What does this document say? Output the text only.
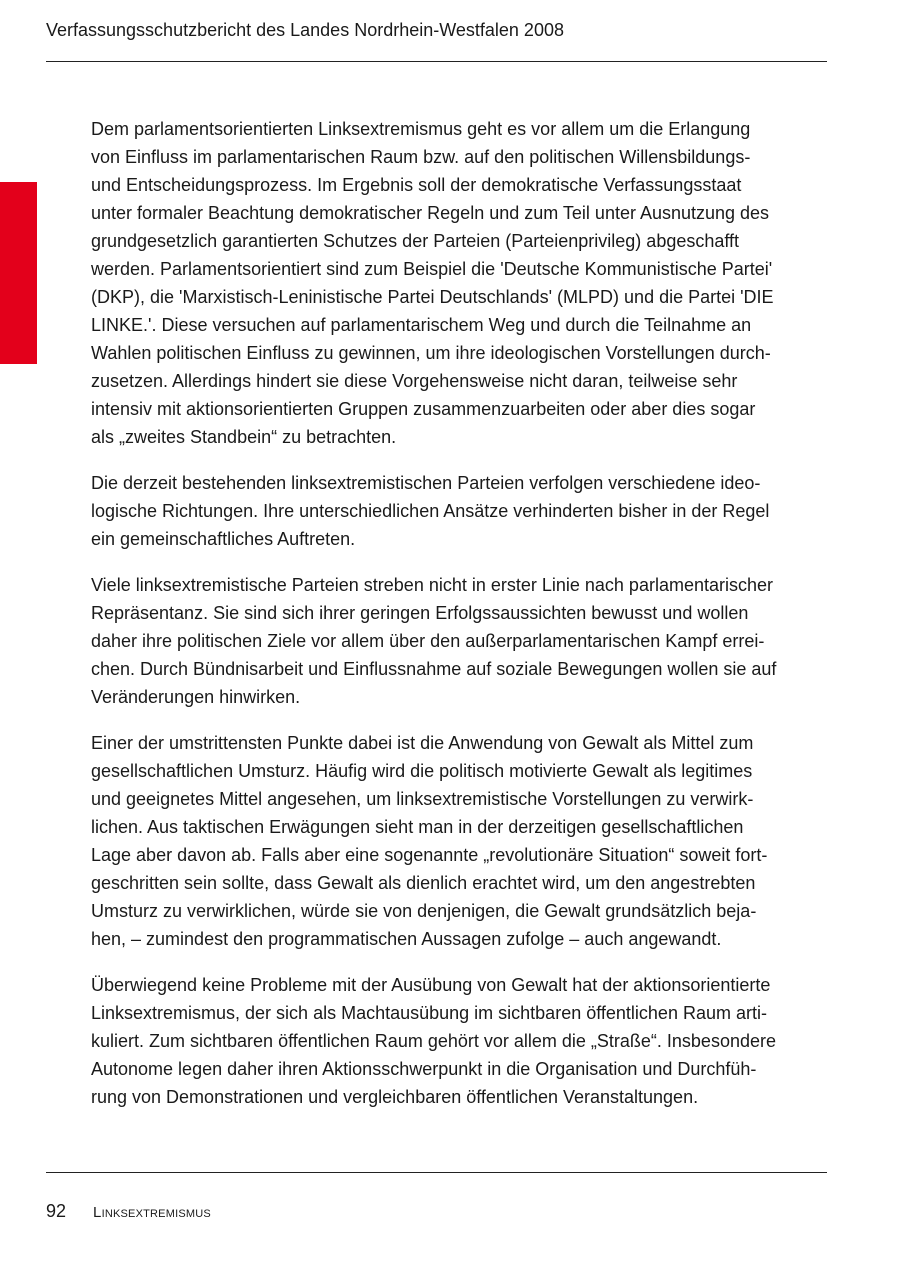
Verfassungsschutzbericht des Landes Nordrhein-Westfalen 2008

Dem parlamentsorientierten Linksextremismus geht es vor allem um die Erlangung
von Einfluss im parlamentarischen Raum bzw. auf den politischen Willensbildungs-
und Entscheidungsprozess. Im Ergebnis soll der demokratische Verfassungsstaat
unter formaler Beachtung demokratischer Regeln und zum Teil unter Ausnutzung des
grundgesetzlich garantierten Schutzes der Parteien (Parteienprivileg) abgeschafft
werden. Parlamentsorientiert sind zum Beispiel die 'Deutsche Kommunistische Partei'
(DKP), die 'Marxistisch-Leninistische Partei Deutschlands' (MLPD) und die Partei 'DIE
LINKE.'. Diese versuchen auf parlamentarischem Weg und durch die Teilnahme an
Wahlen politischen Einfluss zu gewinnen, um ihre ideologischen Vorstellungen durch-
zusetzen. Allerdings hindert sie diese Vorgehensweise nicht daran, teilweise sehr
intensiv mit aktionsorientierten Gruppen zusammenzuarbeiten oder aber dies sogar
als „zweites Standbein“ zu betrachten.

Die derzeit bestehenden linksextremistischen Parteien verfolgen verschiedene ideo-
logische Richtungen. Ihre unterschiedlichen Ansätze verhinderten bisher in der Regel
ein gemeinschaftliches Auftreten.

Viele linksextremistische Parteien streben nicht in erster Linie nach parlamentarischer
Repräsentanz. Sie sind sich ihrer geringen Erfolgssaussichten bewusst und wollen
daher ihre politischen Ziele vor allem über den außerparlamentarischen Kampf errei-
chen. Durch Bündnisarbeit und Einflussnahme auf soziale Bewegungen wollen sie auf
Veränderungen hinwirken.

Einer der umstrittensten Punkte dabei ist die Anwendung von Gewalt als Mittel zum
gesellschaftlichen Umsturz. Häufig wird die politisch motivierte Gewalt als legitimes
und geeignetes Mittel angesehen, um linksextremistische Vorstellungen zu verwirk-
lichen. Aus taktischen Erwägungen sieht man in der derzeitigen gesellschaftlichen
Lage aber davon ab. Falls aber eine sogenannte „revolutionäre Situation“ soweit fort-
geschritten sein sollte, dass Gewalt als dienlich erachtet wird, um den angestrebten
Umsturz zu verwirklichen, würde sie von denjenigen, die Gewalt grundsätzlich beja-
hen, – zumindest den programmatischen Aussagen zufolge – auch angewandt.

Überwiegend keine Probleme mit der Ausübung von Gewalt hat der aktionsorientierte
Linksextremismus, der sich als Machtausübung im sichtbaren öffentlichen Raum arti-
kuliert. Zum sichtbaren öffentlichen Raum gehört vor allem die „Straße“. Insbesondere
Autonome legen daher ihren Aktionsschwerpunkt in die Organisation und Durchfüh-
rung von Demonstrationen und vergleichbaren öffentlichen Veranstaltungen.

92 Linksextremismus
